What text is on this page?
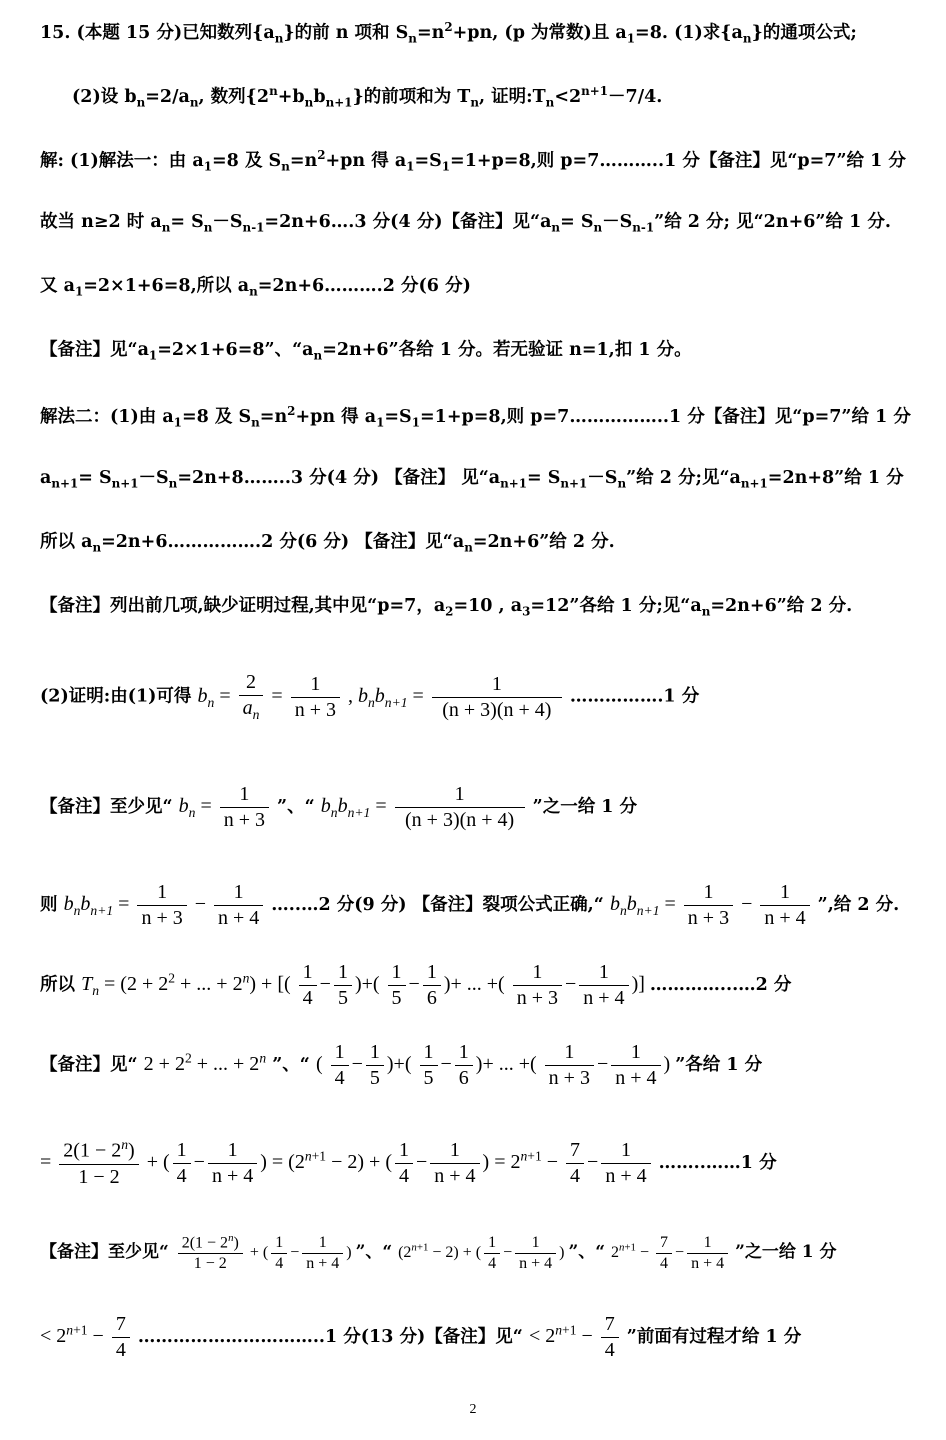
15. (本题 15 分)已知数列$\{a_n\}$的前 n 项和 $S_n=n^2+pn$, (p 为常数)且 $a_1=8$. (1)求$\{a_n\}$的通项公式;
(2)设 $b_n=2/a_n$, 数列$\{2^n+b_nb_{n+1}\}$的前项和为 $T_n$, 证明$:T_n<2^{n+1}-7/4$.
解: (1)解法一：由 $a_1=8$ 及 $S_n=n^2+pn$ 得 $a_1=S_1=1+p=8$,则 p=7………..1 分【备注】见“p=7”给 1 分
故当 n≥2 时 $a_n=$ $S_n-S_{n-1}=2n+6\dots.3$ 分(4 分)【备注】见“$a_n= S_n-S_{n-1}$”给 2 分; 见“2n+6”给 1 分.
又 $a_1=2\times 1+6=8$,所以 $a_n=2n+6\dots\dots\dots.2$ 分(6 分)
【备注】见“$a_1=2\times 1+6=8$”、“$a_n=2n+6$”各给 1 分。若无验证 n=1,扣 1 分。
解法二：(1)由 $a_1=8$ 及 $S_n=n^2+pn$ 得 $a_1=S_1=1+p=8$,则 p=7……………..1 分【备注】见“p=7”给 1 分
$a_{n+1}=$ $S_{n+1}-S_n=2n+8\dots\dots..3$ 分(4 分) 【备注】 见“$a_{n+1}= S_{n+1}-S_n$”给 2 分;见“$a_{n+1}=2n+8$”给 1 分
所以 $a_n=2n+6\dots\dots\dots\dots\dots.2$ 分(6 分) 【备注】见“$a_n=2n+6$”给 2 分.
【备注】列出前几项,缺少证明过程,其中见“p=7，$a_2=10$ , $a_3=12$”各给 1 分;见“$a_n=2n+6$”给 2 分.
(2)证明:由(1)可得 $b_n = \frac{2}{a_n} = \frac{1}{n + 3}$ , $b_nb_{n+1} = \frac{1}{(n + 3)(n + 4)}$ …………….1 分
【备注】至少见“ $b_n = \frac{1}{n + 3}$ ”、“ $b_nb_{n+1} = \frac{1}{(n + 3)(n + 4)}$ ”之一给 1 分
则 $b_nb_{n+1} = \frac{1}{n + 3} - \frac{1}{n + 4}$ …..…2 分(9 分) 【备注】裂项公式正确,“ $b_nb_{n+1} = \frac{1}{n + 3} - \frac{1}{n + 4}$ ”,给 2 分.
所以 $T_n = (2 + 2^2$ + ... + $2^n$) + [( $\frac{1}{4} - \frac{1}{5}$ )+( $\frac{1}{5} - \frac{1}{6}$ )+ ... +( $\frac{1}{n + 3} - \frac{1}{n + 4}$ )] …………...…2 分
【备注】见“ $2 + 2^2$ + ... + $2^n$ ”、“ ( $\frac{1}{4} - \frac{1}{5}$ )+( $\frac{1}{5} - \frac{1}{6}$ )+ ... +( $\frac{1}{n + 3} - \frac{1}{n + 4}$ ) ”各给 1 分
= $\frac{2(1 - 2^n)}{1 - 2}$ + ( $\frac{1}{4} - \frac{1}{n + 4}$ ) = $(2^{n+1} - 2)$ + ( $\frac{1}{4} - \frac{1}{n + 4}$ ) = $2^{n+1} - \frac{7}{4} - \frac{1}{n + 4}$ ……..……1 分
【备注】至少见“ $\frac{2(1 - 2^n)}{1 - 2}$ + ( $\frac{1}{4} - \frac{1}{n + 4}$ ) ”、“ $(2^{n+1} - 2)$ + ( $\frac{1}{4} - \frac{1}{n + 4}$ ) ”、“ $2^{n+1} - \frac{7}{4} - \frac{1}{n + 4}$ ”之一给 1 分
< $2^{n+1} - \frac{7}{4}$ …………………………..1 分(13 分)【备注】见“ < $2^{n+1} - \frac{7}{4}$ ”前面有过程才给 1 分
2
